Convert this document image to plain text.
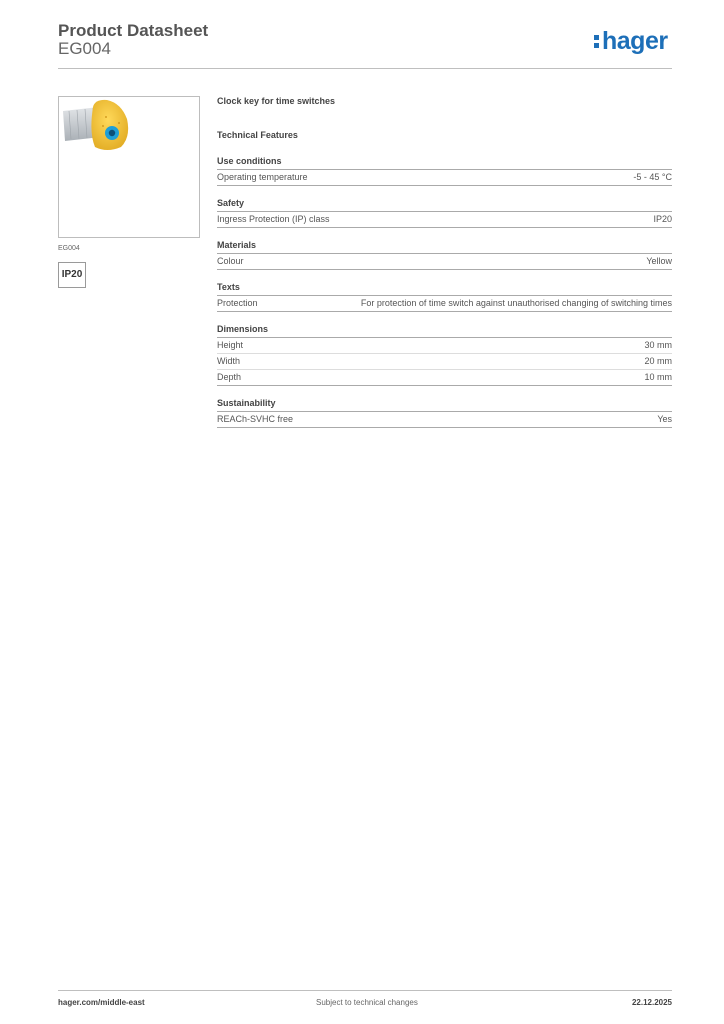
Product Datasheet
EG004	hager
EG004
IP20
Clock key for time switches
Technical Features
Use conditions
Operating temperature	-5 - 45 °C
Safety
Ingress Protection (IP) class	IP20
Materials
Colour	Yellow
Texts
Protection	For protection of time switch against unauthorised changing of switching times
Dimensions
Height	30 mm
Width	20 mm
Depth	10 mm
Sustainability
REACh-SVHC free	Yes
hager.com/middle-east	Subject to technical changes	22.12.2025
